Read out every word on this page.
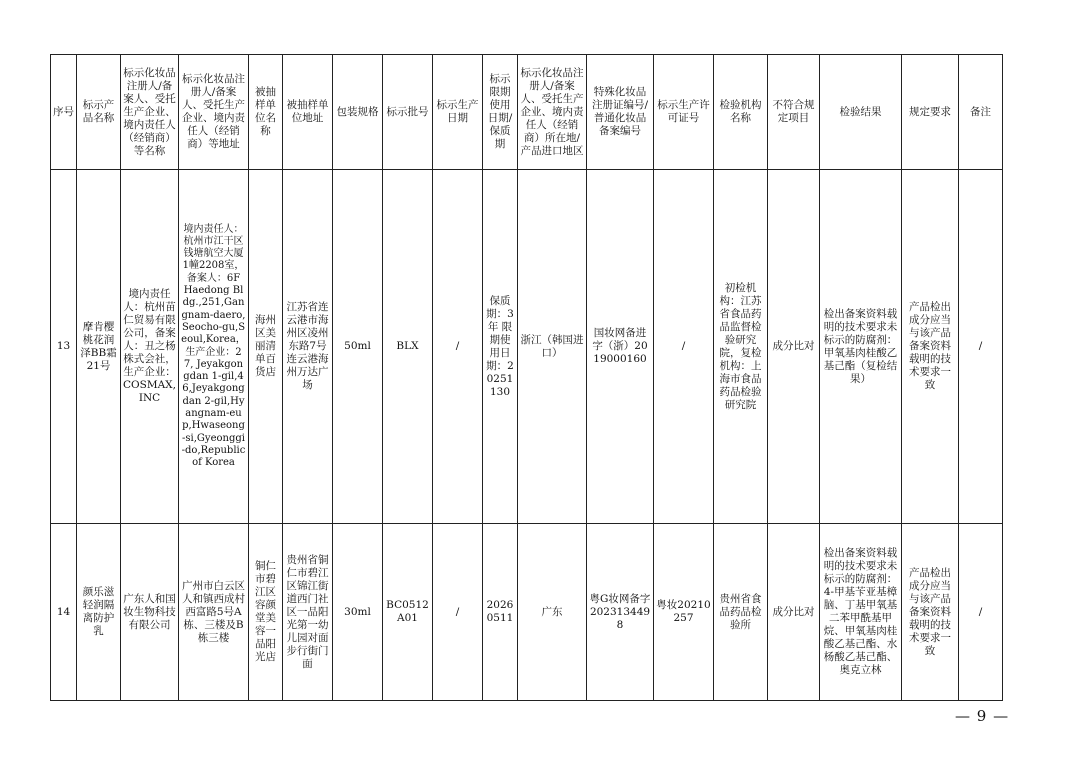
序号	标示产品名称	标示化妆品注册人/备案人、受托生产企业、境内责任人（经销商）等名称	标示化妆品注册人/备案人、受托生产企业、境内责任人（经销商）等地址	被抽样单位名称	被抽样单位地址	包装规格	标示批号	标示生产日期	标示限期使用日期/保质期	标示化妆品注册人/备案人、受托生产企业、境内责任人（经销商）所在地/产品进口地区	特殊化妆品注册证编号/普通化妆品备案编号	标示生产许可证号	检验机构名称	不符合规定项目	检验结果	规定要求	备注
13	摩肯樱桃花润泽BB霜21号	境内责任人：杭州苗仁贸易有限公司，备案人：丑之杨株式会社，生产企业：COSMAX, INC	境内责任人：杭州市江干区钱塘航空大厦1幢2208室，备案人：6F Haedong Bldg.,251,Gangnam-daero,Seocho-gu,Seoul,Korea，生产企业：27, Jeyakgongdan 1-gil,46,Jeyakgongdan 2-gil,Hyangnam-eup,Hwaseong-si,Gyeonggi-do,Republic of Korea	海州区美丽清单百货店	江苏省连云港市海州区凌州东路7号连云港海州万达广场	50ml	BLX	/	保质期：3年 限期使用日期：20251130	浙江（韩国进口）	国妆网备进字（浙）2019000160	/	初检机构：江苏省食品药品监督检验研究院，复检机构：上海市食品药品检验研究院	成分比对	检出备案资料载明的技术要求未标示的防腐剂：甲氧基肉桂酸乙基己酯（复检结果）	产品检出成分应当与该产品备案资料载明的技术要求一致	/
14	颜乐滋轻润隔离防护乳	广东人和国妆生物科技有限公司	广州市白云区人和镇西成村西富路5号A栋、三楼及B栋三楼	铜仁市碧江区容颜堂美容一品阳光店	贵州省铜仁市碧江区锦江街道西门社区一品阳光第一幼儿园对面步行街门面	30ml	BC0512A01	/	20260511	广东	粤G妆网备字2023134498	粤妆20210257	贵州省食品药品检验所	成分比对	检出备案资料载明的技术要求未标示的防腐剂：4-甲基苄亚基樟脑、丁基甲氧基二苯甲酰基甲烷、甲氧基肉桂酸乙基己酯、水杨酸乙基己酯、奥克立林	产品检出成分应当与该产品备案资料载明的技术要求一致	/
— 9 —
